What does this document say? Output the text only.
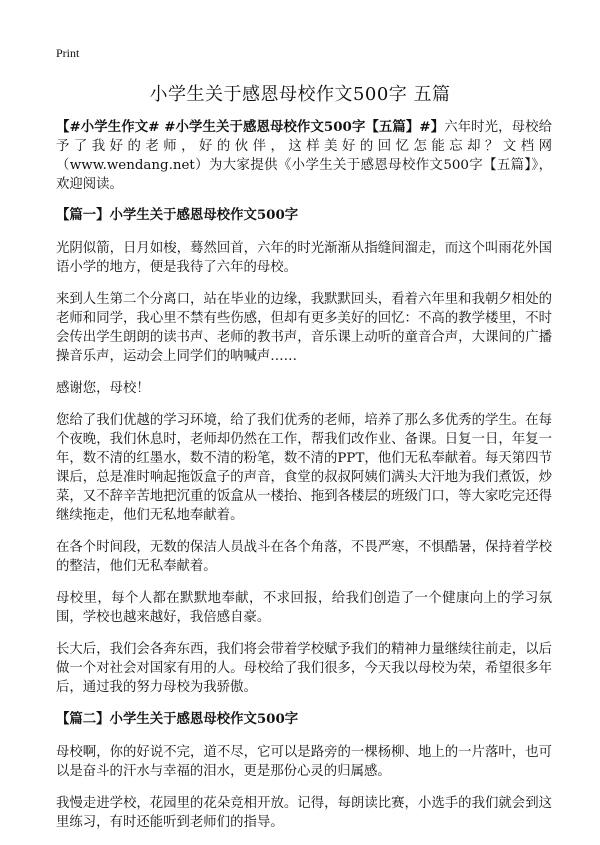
Print
小学生关于感恩母校作文500字 五篇

【#小学生作文# #小学生关于感恩母校作文500字【五篇】#】六年时光，母校给予了我好的老师，好的伙伴，这样美好的回忆怎能忘却？文档网（www.wendang.net）为大家提供《小学生关于感恩母校作文500字【五篇】》，欢迎阅读。

【篇一】小学生关于感恩母校作文500字

光阴似箭，日月如梭，蓦然回首，六年的时光渐渐从指缝间溜走，而这个叫雨花外国语小学的地方，便是我待了六年的母校。

来到人生第二个分离口，站在毕业的边缘，我默默回头，看着六年里和我朝夕相处的老师和同学，我心里不禁有些伤感，但却有更多美好的回忆：不高的教学楼里，不时会传出学生朗朗的读书声、老师的教书声，音乐课上动听的童音合声，大课间的广播操音乐声，运动会上同学们的呐喊声……

感谢您，母校！

您给了我们优越的学习环境，给了我们优秀的老师，培养了那么多优秀的学生。在每个夜晚，我们休息时，老师却仍然在工作，帮我们改作业、备课。日复一日，年复一年，数不清的红墨水，数不清的粉笔，数不清的PPT，他们无私奉献着。每天第四节课后，总是准时响起拖饭盒子的声音，食堂的叔叔阿姨们满头大汗地为我们煮饭，炒菜，又不辞辛苦地把沉重的饭盒从一楼抬、拖到各楼层的班级门口，等大家吃完还得继续拖走，他们无私地奉献着。

在各个时间段，无数的保洁人员战斗在各个角落，不畏严寒，不惧酷暑，保持着学校的整洁，他们无私奉献着。

母校里，每个人都在默默地奉献，不求回报，给我们创造了一个健康向上的学习氛围，学校也越来越好，我倍感自豪。

长大后，我们会各奔东西，我们将会带着学校赋予我们的精神力量继续往前走，以后做一个对社会对国家有用的人。母校给了我们很多，今天我以母校为荣，希望很多年后，通过我的努力母校为我骄傲。

【篇二】小学生关于感恩母校作文500字

母校啊，你的好说不完，道不尽，它可以是路旁的一棵杨柳、地上的一片落叶，也可以是奋斗的汗水与幸福的泪水，更是那份心灵的归属感。

我慢走进学校，花园里的花朵竞相开放。记得，每朗读比赛，小选手的我们就会到这里练习，有时还能听到老师们的指导。
